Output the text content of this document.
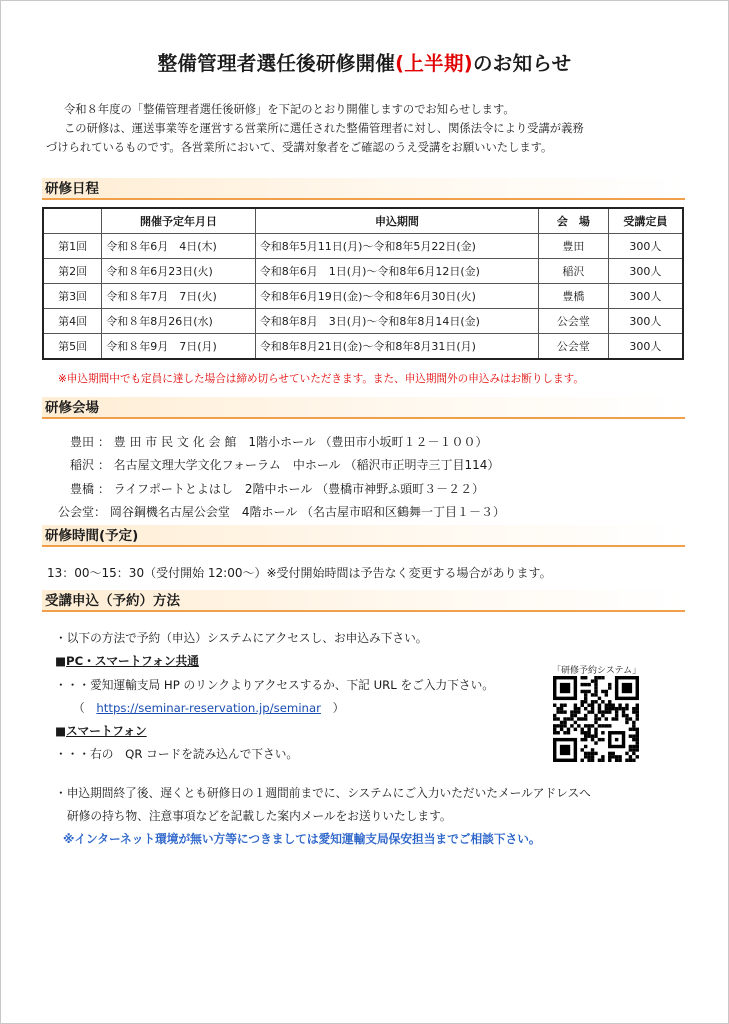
整備管理者選任後研修開催(上半期)のお知らせ

令和８年度の「整備管理者選任後研修」を下記のとおり開催しますのでお知らせします。

この研修は、運送事業等を運営する営業所に選任された整備管理者に対し、関係法令により受講が義務

づけられているものです。各営業所において、受講対象者をご確認のうえ受講をお願いいたします。

研修日程
	開催予定年月日	申込期間	会　場	受講定員
第1回	令和８年6月　4日(木)	令和8年5月11日(月)～令和8年5月22日(金)	豊田	300人
第2回	令和８年6月23日(火)	令和8年6月　1日(月)～令和8年6月12日(金)	稲沢	300人
第3回	令和８年7月　7日(火)	令和8年6月19日(金)～令和8年6月30日(火)	豊橋	300人
第4回	令和８年8月26日(水)	令和8年8月　3日(月)～令和8年8月14日(金)	公会堂	300人
第5回	令和８年9月　7日(月)	令和8年8月21日(金)～令和8年8月31日(月)	公会堂	300人
※申込期間中でも定員に達した場合は締め切らせていただきます。また、申込期間外の申込みはお断りします。
研修会場
豊田 ： 豊 田 市 民 文 化 会 館　1階小ホール （豊田市小坂町１２－１００）
稲沢 ： 名古屋文理大学文化フォーラム　中ホール （稲沢市正明寺三丁目114）
豊橋 ： ライフポートとよはし　2階中ホール （豊橋市神野ふ頭町３－２２）
公会堂： 岡谷鋼機名古屋公会堂　4階ホール （名古屋市昭和区鶴舞一丁目１－３）
研修時間(予定)
13：00～15：30（受付開始 12:00～）※受付開始時間は予告なく変更する場合があります。
受講申込（予約）方法
・以下の方法で予約（申込）システムにアクセスし、お申込み下さい。
■PC・スマートフォン共通
・・・愛知運輸支局 HP のリンクよりアクセスするか、下記 URL をご入力下さい。
（　https://seminar-reservation.jp/seminar　）
■スマートフォン
・・・右の　QR コードを読み込んで下さい。
・申込期間終了後、遅くとも研修日の１週間前までに、システムにご入力いただいたメールアドレスへ
研修の持ち物、注意事項などを記載した案内メールをお送りいたします。
※インターネット環境が無い方等につきましては愛知運輸支局保安担当までご相談下さい。
「研修予約システム」
